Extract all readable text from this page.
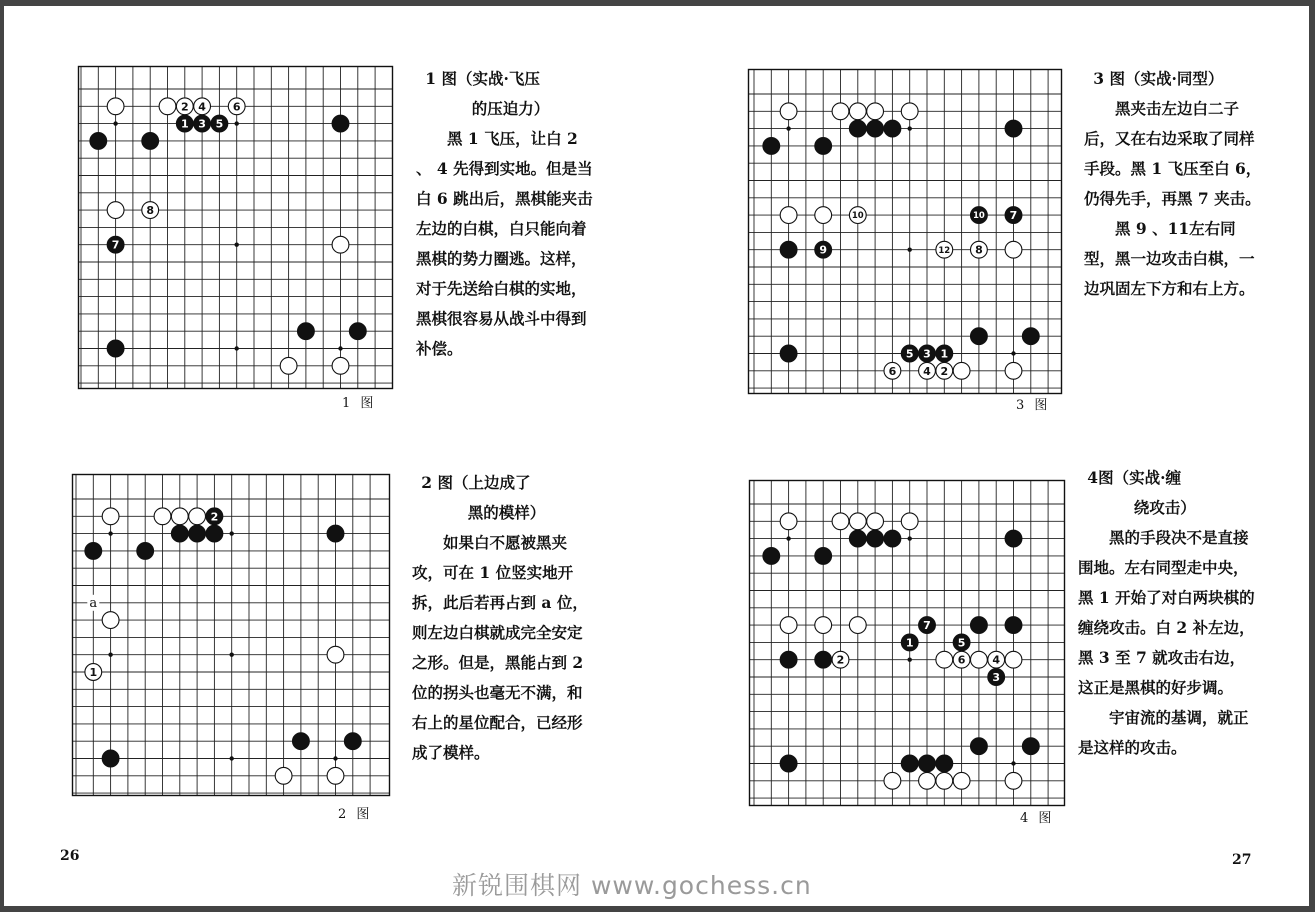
2 4 6
1 3 5
8
7
1 图

1 图（实战·飞压

的压迫力）

黑 1 飞压，让白 2 、 4 先得到实地。但是当白 6 跳出后，黑棋能夹击左边的白棋，白只能向着黑棋的势力圈逃。这样，对于先送给白棋的实地，黑棋很容易从战斗中得到补偿。

a
2
1
2 图

2 图（上边成了

黑的模样）

如果白不愿被黑夹攻，可在 1 位竖实地开拆，此后若再占到 a 位，则左边白棋就成完全安定之形。但是，黑能占到 2 位的拐头也毫无不满，和右上的星位配合，已经形成了模样。

10	10 7
9	12 8
5 3 1
6 4 2
3 图

3 图（实战·同型）

黑夹击左边白二子后，又在右边采取了同样手段。黑 1 飞压至白 6，仍得先手，再黑 7 夹击。

黑 9 、11左右同型，黑一边攻击白棋，一边巩固左下方和右上方。

7
1	5
2	6 4
3
4 图

4图（实战·缠

绕攻击）

黑的手段决不是直接围地。左右同型走中央，黑 1 开始了对白两块棋的缠绕攻击。白 2 补左边，黑 3 至 7 就攻击右边，这正是黑棋的好步调。

宇宙流的基调，就正是这样的攻击。

26	27
新锐围棋网 www.gochess.cn
